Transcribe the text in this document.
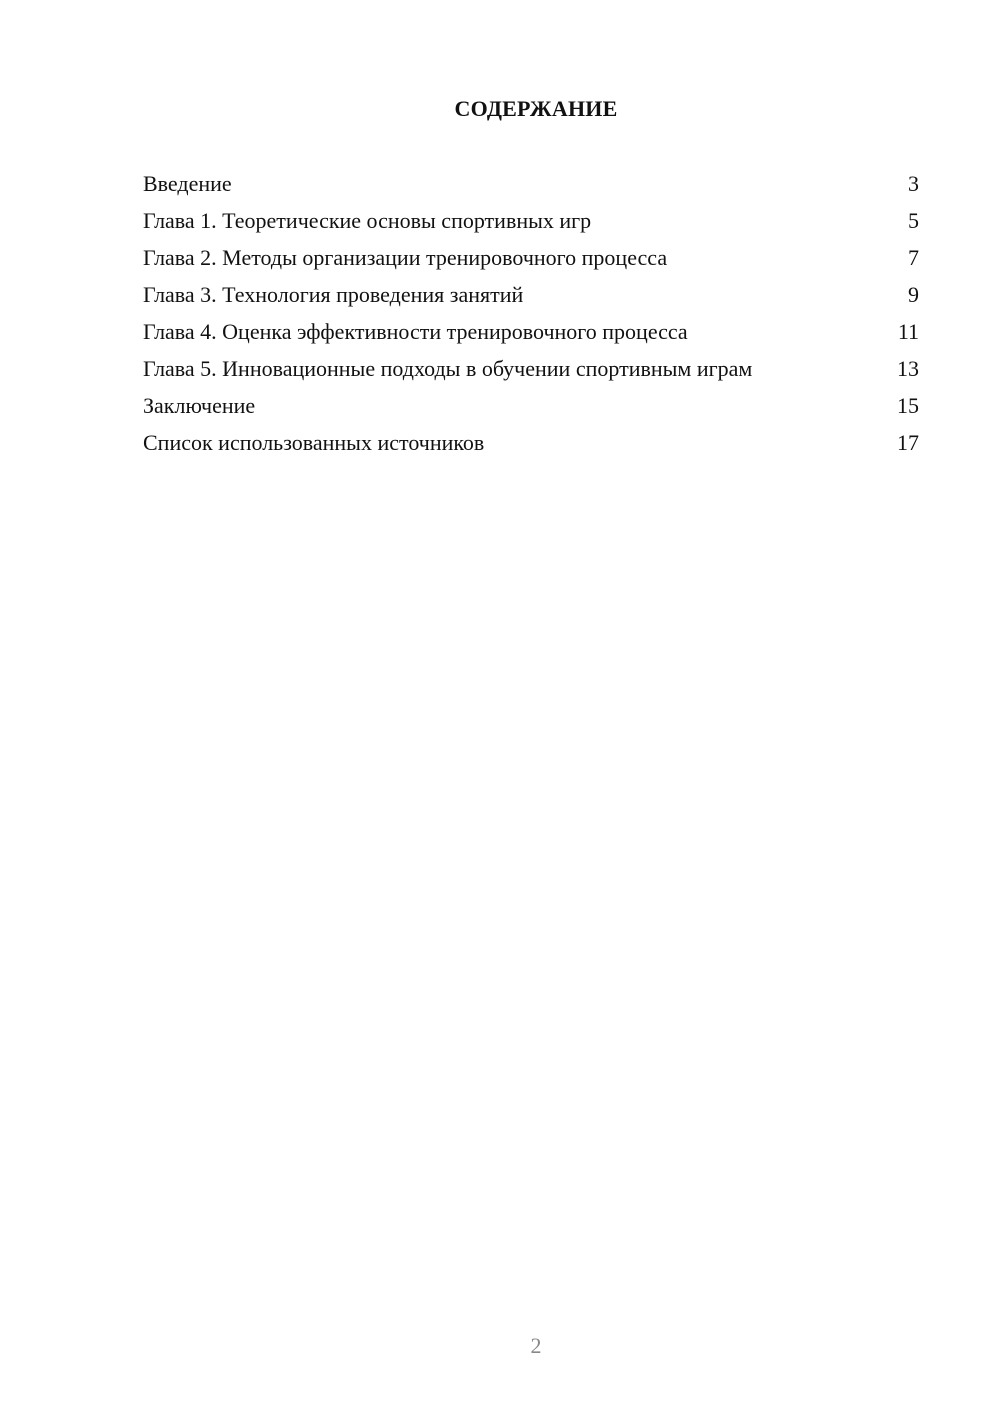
СОДЕРЖАНИЕ
Введение	3
Глава 1. Теоретические основы спортивных игр	5
Глава 2. Методы организации тренировочного процесса	7
Глава 3. Технология проведения занятий	9
Глава 4. Оценка эффективности тренировочного процесса	11
Глава 5. Инновационные подходы в обучении спортивным играм	13
Заключение	15
Список использованных источников	17
2
